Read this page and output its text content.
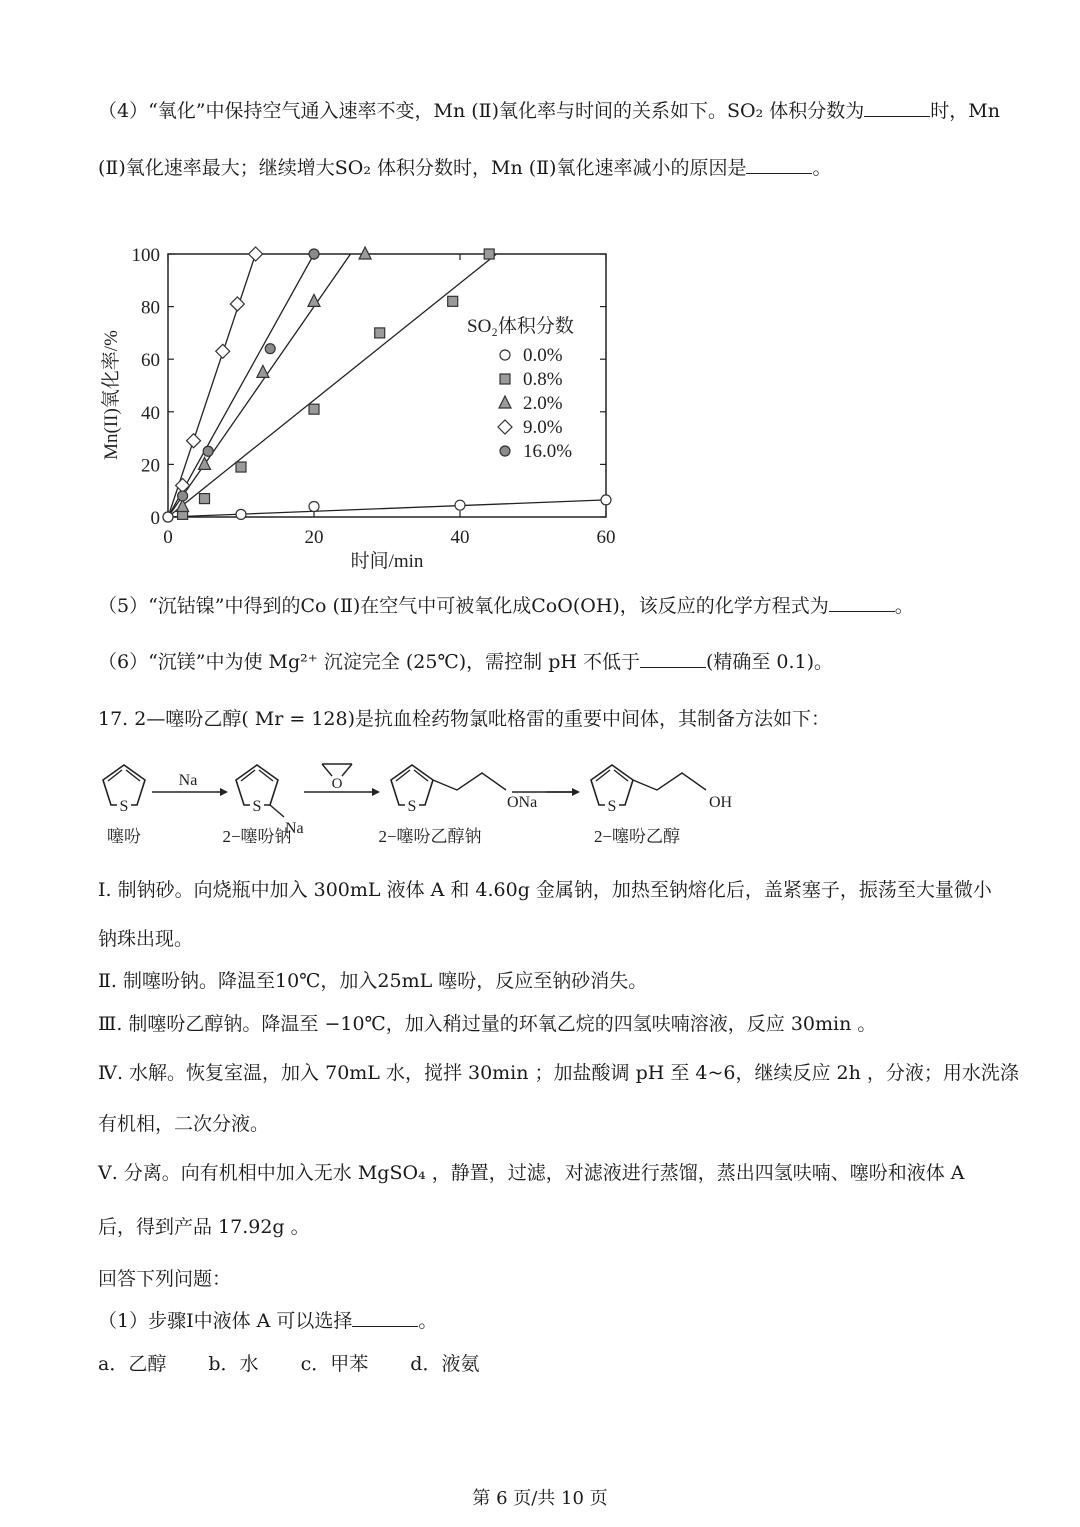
（4）“氧化”中保持空气通入速率不变，Mn (Ⅱ)氧化率与时间的关系如下。SO₂ 体积分数为	时，Mn
(Ⅱ)氧化速率最大；继续增大SO₂ 体积分数时，Mn (Ⅱ)氧化速率减小的原因是	。
0	20	40	60
0
20
40
60
80
100
Mn(II)氧化率/%
时间/min
SO₂体积分数
0.0%
0.8%
2.0%
9.0%
16.0%
（5）“沉钴镍”中得到的Co (Ⅱ)在空气中可被氧化成CoO(OH)，该反应的化学方程式为	。
（6）“沉镁”中为使 Mg²⁺ 沉淀完全 (25℃)，需控制 pH 不低于	(精确至 0.1)。
17. 2—噻吩乙醇( Mr = 128)是抗血栓药物氯吡格雷的重要中间体，其制备方法如下：
S
噻吩
Na
S
Na
2−噻吩钠
O
S	ONa
2−噻吩乙醇钠
S	OH
2−噻吩乙醇
Ⅰ. 制钠砂。向烧瓶中加入 300mL 液体 A 和 4.60g 金属钠，加热至钠熔化后，盖紧塞子，振荡至大量微小
钠珠出现。
Ⅱ. 制噻吩钠。降温至10℃，加入25mL 噻吩，反应至钠砂消失。
Ⅲ. 制噻吩乙醇钠。降温至 −10℃，加入稍过量的环氧乙烷的四氢呋喃溶液，反应 30min 。
Ⅳ. 水解。恢复室温，加入 70mL 水，搅拌 30min ；加盐酸调 pH 至 4~6，继续反应 2h ，分液；用水洗涤
有机相，二次分液。
Ⅴ. 分离。向有机相中加入无水 MgSO₄ ，静置，过滤，对滤液进行蒸馏，蒸出四氢呋喃、噻吩和液体 A
后，得到产品 17.92g 。
回答下列问题：
（1）步骤Ⅰ中液体 A 可以选择	。
a．乙醇 b．水 c．甲苯 d．液氨
第 6 页/共 10 页
